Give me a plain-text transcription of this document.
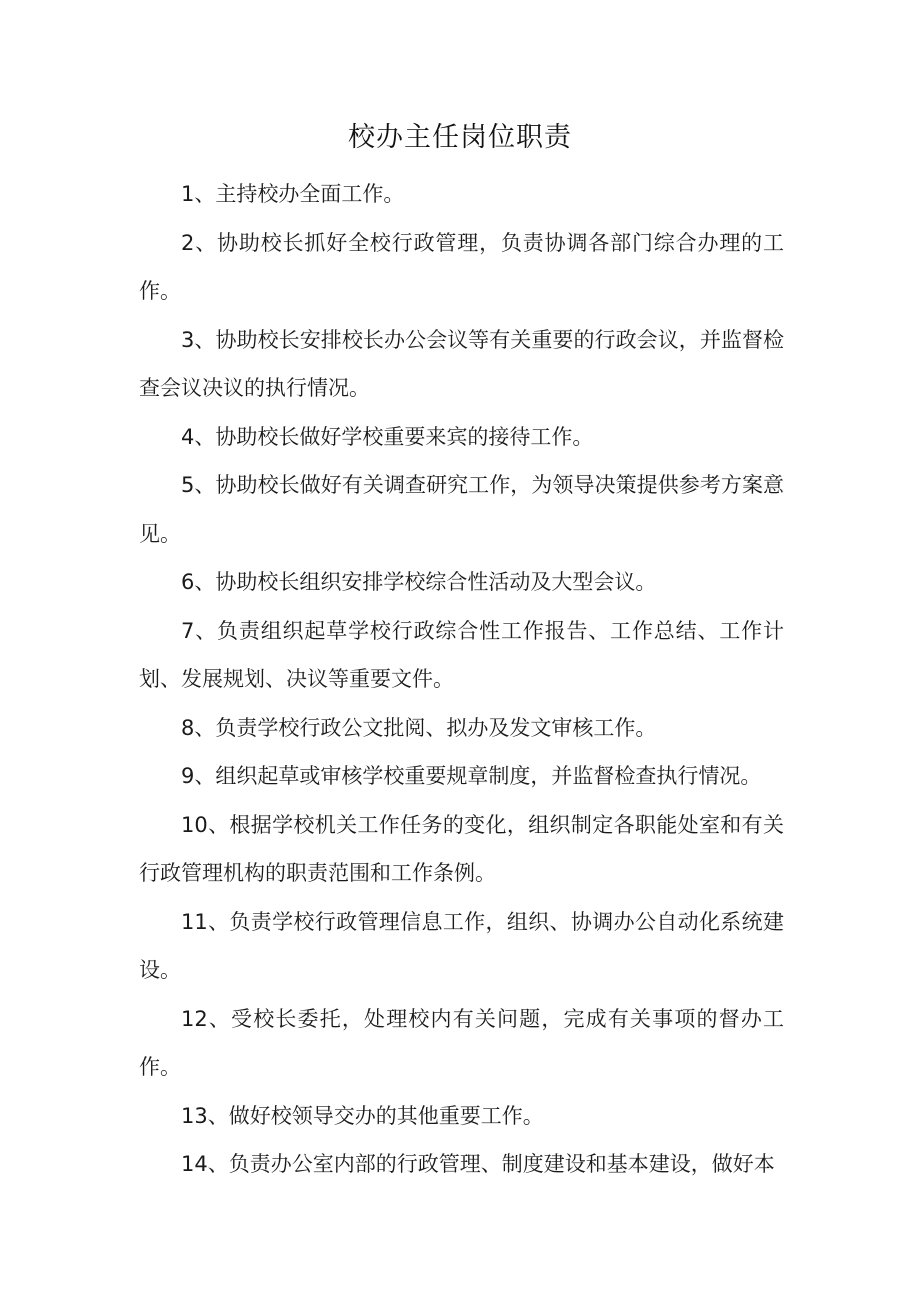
校办主任岗位职责

1、主持校办全面工作。

2、协助校长抓好全校行政管理，负责协调各部门综合办理的工作。

3、协助校长安排校长办公会议等有关重要的行政会议，并监督检查会议决议的执行情况。

4、协助校长做好学校重要来宾的接待工作。

5、协助校长做好有关调查研究工作，为领导决策提供参考方案意见。

6、协助校长组织安排学校综合性活动及大型会议。

7、负责组织起草学校行政综合性工作报告、工作总结、工作计划、发展规划、决议等重要文件。

8、负责学校行政公文批阅、拟办及发文审核工作。

9、组织起草或审核学校重要规章制度，并监督检查执行情况。

10、根据学校机关工作任务的变化，组织制定各职能处室和有关行政管理机构的职责范围和工作条例。

11、负责学校行政管理信息工作，组织、协调办公自动化系统建设。

12、受校长委托，处理校内有关问题，完成有关事项的督办工作。

13、做好校领导交办的其他重要工作。

14、负责办公室内部的行政管理、制度建设和基本建设，做好本
